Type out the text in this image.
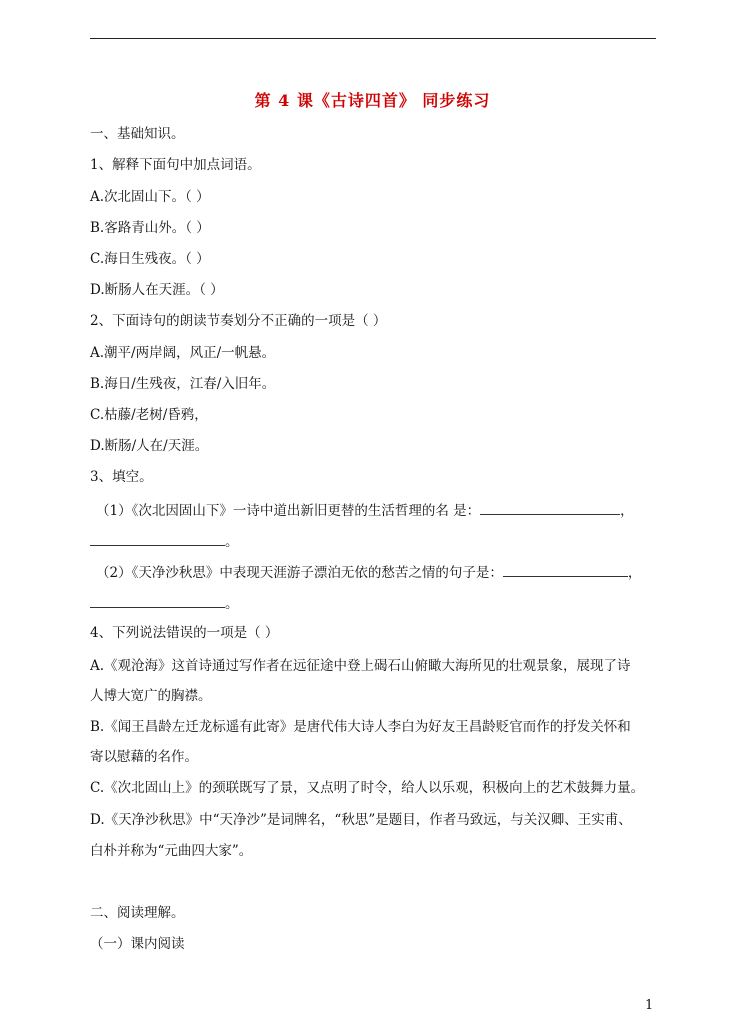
第 4 课《古诗四首》 同步练习
一、基础知识。
1、解释下面句中加点词语。
A.次北固山下。（ ）
B.客路青山外。（ ）
C.海日生残夜。（ ）
D.断肠人在天涯。（ ）
2、下面诗句的朗读节奏划分不正确的一项是（ ）
A.潮平/两岸阔，风正/一帆悬。
B.海日/生残夜，江春/入旧年。
C.枯藤/老树/昏鸦，
D.断肠/人在/天涯。
3、填空。
（1）《次北因固山下》一诗中道出新旧更替的生活哲理的名 是：	，
。
（2）《天净沙秋思》中表现天涯游子漂泊无依的愁苦之情的句子是：	，
。
4、下列说法错误的一项是（ ）
A.《观沧海》这首诗通过写作者在远征途中登上碣石山俯瞰大海所见的壮观景象，展现了诗
人博大宽广的胸襟。
B.《闻王昌龄左迁龙标遥有此寄》是唐代伟大诗人李白为好友王昌龄贬官而作的抒发关怀和
寄以慰藉的名作。
C.《次北固山上》的颈联既写了景，又点明了时令，给人以乐观，积极向上的艺术鼓舞力量。
D.《天净沙秋思》中“天净沙”是词牌名，“秋思”是题目，作者马致远，与关汉卿、王实甫、
白朴并称为“元曲四大家”。
二、阅读理解。
（一）课内阅读
1
